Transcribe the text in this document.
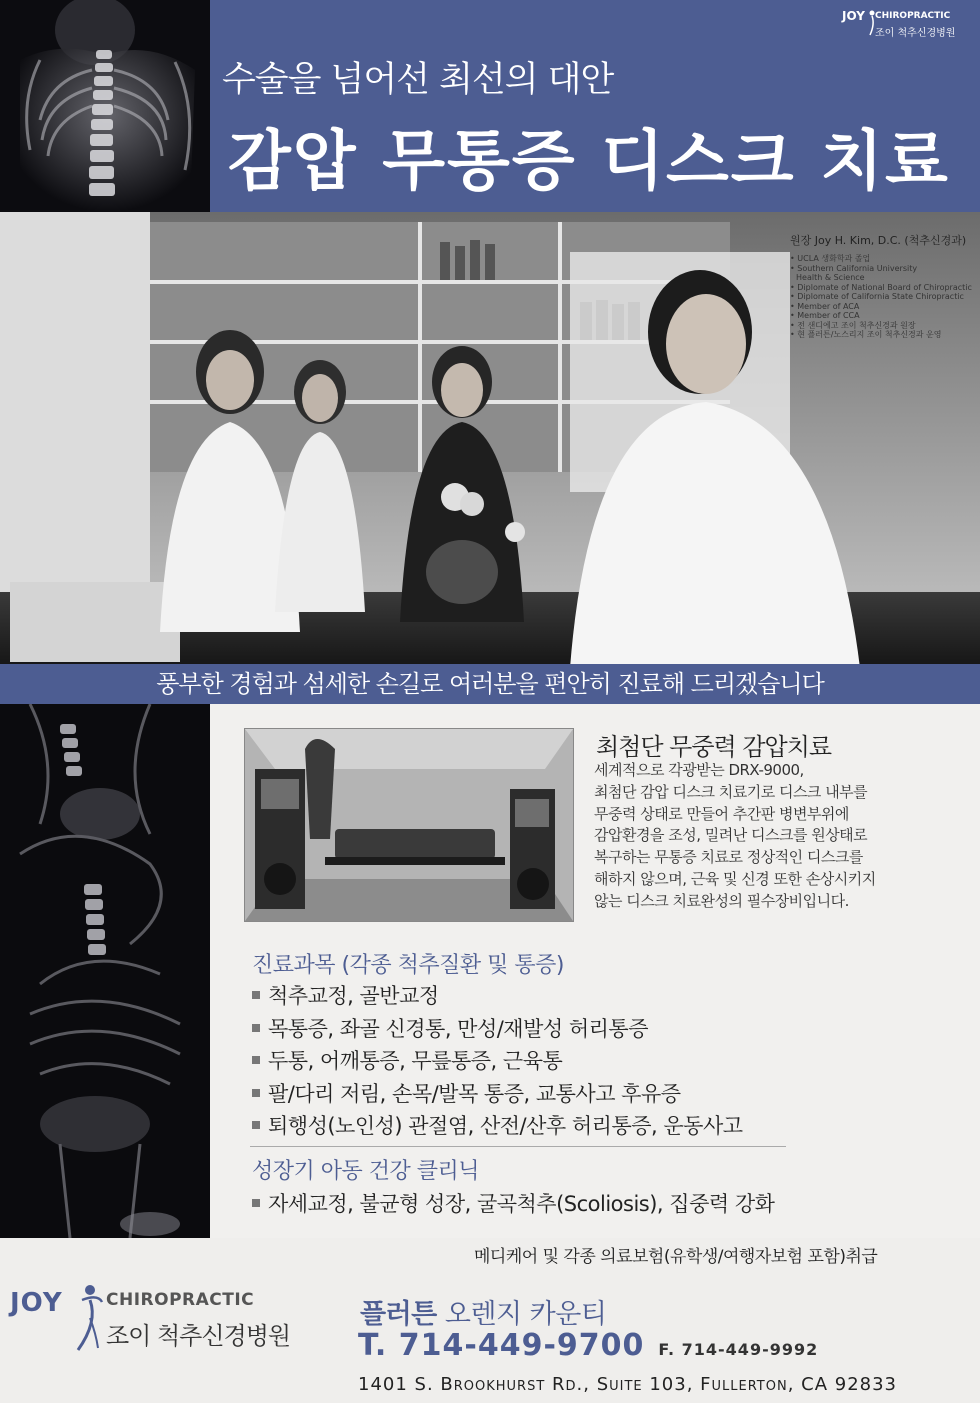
수술을 넘어선 최선의 대안
감압 무통증 디스크 치료
JOY CHIROPRACTIC
조이 척추신경병원
원장 Joy H. Kim, D.C. (척추신경과)
• UCLA 생화학과 졸업
• Southern California University
Health & Science
• Diplomate of National Board of Chiropractic
• Diplomate of California State Chiropractic
• Member of ACA
• Member of CCA
• 전 샌디에고 조이 척추신경과 원장
• 현 플러튼/노스리지 조이 척추신경과 운영
풍부한 경험과 섬세한 손길로 여러분을 편안히 진료해 드리겠습니다
최첨단 무중력 감압치료
세계적으로 각광받는 DRX-9000,
최첨단 감압 디스크 치료기로 디스크 내부를
무중력 상태로 만들어 추간판 병변부위에
감압환경을 조성, 밀려난 디스크를 원상태로
복구하는 무통증 치료로 정상적인 디스크를
해하지 않으며, 근육 및 신경 또한 손상시키지
않는 디스크 치료완성의 필수장비입니다.
진료과목 (각종 척추질환 및 통증)
척추교정, 골반교정
목통증, 좌골 신경통, 만성/재발성 허리통증
두통, 어깨통증, 무릎통증, 근육통
팔/다리 저림, 손목/발목 통증, 교통사고 후유증
퇴행성(노인성) 관절염, 산전/산후 허리통증, 운동사고
성장기 아동 건강 클리닉
자세교정, 불균형 성장, 굴곡척추(Scoliosis), 집중력 강화
메디케어 및 각종 의료보험(유학생/여행자보험 포함)취급
JOY	CHIROPRACTIC
조이 척추신경병원
플러튼 오렌지 카운티
T. 714-449-9700 F. 714-449-9992
1401 S. Brookhurst Rd., Suite 103, Fullerton, CA 92833
